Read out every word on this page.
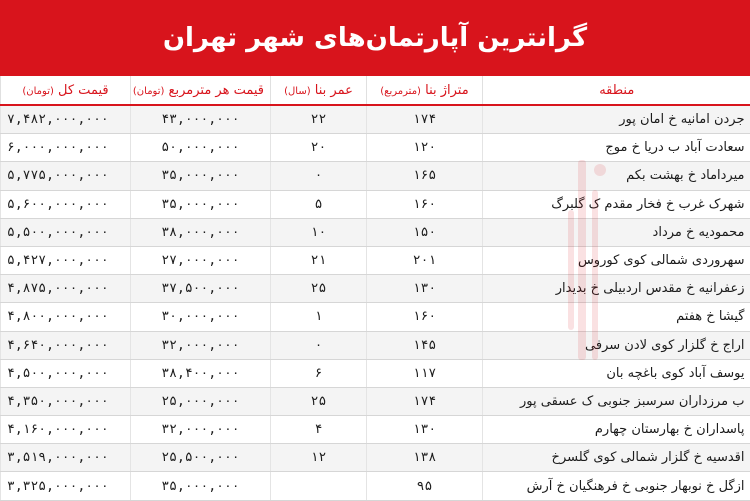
گرانترین آپارتمان‌های شهر تهران
منطقه	متراژ بنا (مترمربع)	عمر بنا (سال)	قیمت هر مترمربع (تومان)	قیمت کل (تومان)
جردن امانیه خ امان پور	۱۷۴	۲۲	۴۳,۰۰۰,۰۰۰	۷,۴۸۲,۰۰۰,۰۰۰
سعادت آباد ب دریا خ موج	۱۲۰	۲۰	۵۰,۰۰۰,۰۰۰	۶,۰۰۰,۰۰۰,۰۰۰
میرداماد خ بهشت بکم	۱۶۵	۰	۳۵,۰۰۰,۰۰۰	۵,۷۷۵,۰۰۰,۰۰۰
شهرک غرب خ فخار مقدم ک گلبرگ	۱۶۰	۵	۳۵,۰۰۰,۰۰۰	۵,۶۰۰,۰۰۰,۰۰۰
محمودیه خ مرداد	۱۵۰	۱۰	۳۸,۰۰۰,۰۰۰	۵,۵۰۰,۰۰۰,۰۰۰
سهروردی شمالی کوی کوروس	۲۰۱	۲۱	۲۷,۰۰۰,۰۰۰	۵,۴۲۷,۰۰۰,۰۰۰
زعفرانیه خ مقدس اردبیلی خ بدیدار	۱۳۰	۲۵	۳۷,۵۰۰,۰۰۰	۴,۸۷۵,۰۰۰,۰۰۰
گیشا خ هفتم	۱۶۰	۱	۳۰,۰۰۰,۰۰۰	۴,۸۰۰,۰۰۰,۰۰۰
اراج خ گلزار کوی لادن سرفی	۱۴۵	۰	۳۲,۰۰۰,۰۰۰	۴,۶۴۰,۰۰۰,۰۰۰
یوسف آباد کوی باغچه بان	۱۱۷	۶	۳۸,۴۰۰,۰۰۰	۴,۵۰۰,۰۰۰,۰۰۰
ب مرزداران سرسبز جنوبی ک عسقی پور	۱۷۴	۲۵	۲۵,۰۰۰,۰۰۰	۴,۳۵۰,۰۰۰,۰۰۰
پاسداران خ بهارستان چهارم	۱۳۰	۴	۳۲,۰۰۰,۰۰۰	۴,۱۶۰,۰۰۰,۰۰۰
اقدسیه خ گلزار شمالی کوی گلسرخ	۱۳۸	۱۲	۲۵,۵۰۰,۰۰۰	۳,۵۱۹,۰۰۰,۰۰۰
ازگل خ نوبهار جنوبی خ فرهنگیان خ آرش	۹۵		۳۵,۰۰۰,۰۰۰	۳,۳۲۵,۰۰۰,۰۰۰
